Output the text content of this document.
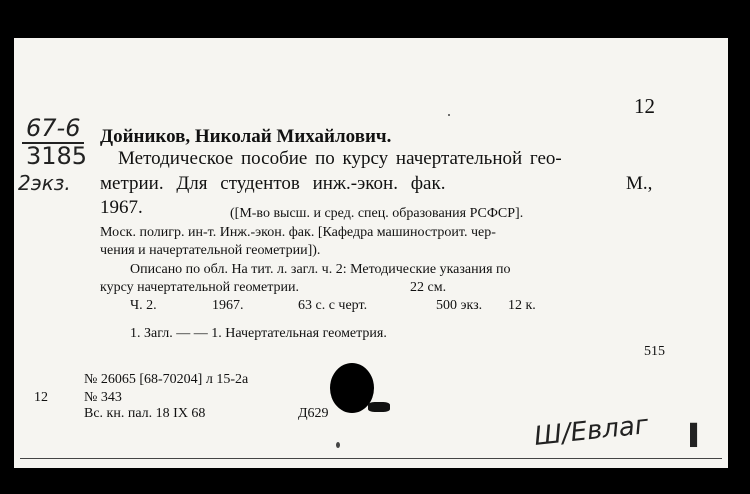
12
67-6
3185
2экз.
Дойников, Николай Михайлович.
Методическое пособие по курсу начертательной гео-
метрии. Для студентов инж.-экон. фак.	М.,
1967.	([М-во высш. и сред. спец. образования РСФСР].
Моск. полигр. ин-т. Инж.-экон. фак. [Кафедра машиностроит. чер-
чения и начертательной геометрии]).
Описано по обл. На тит. л. загл. ч. 2: Методические указания по
курсу начертательной геометрии.	22 см.
Ч. 2.	1967.	63 с. с черт.	500 экз. 12 к.
1. Загл. — — 1. Начертательная геометрия.
515
№ 26065 [68-70204] л 15-2а
12	№ 343
Вс. кн. пал. 18 IX 68	Д629	Ш/Евлаг ▌
